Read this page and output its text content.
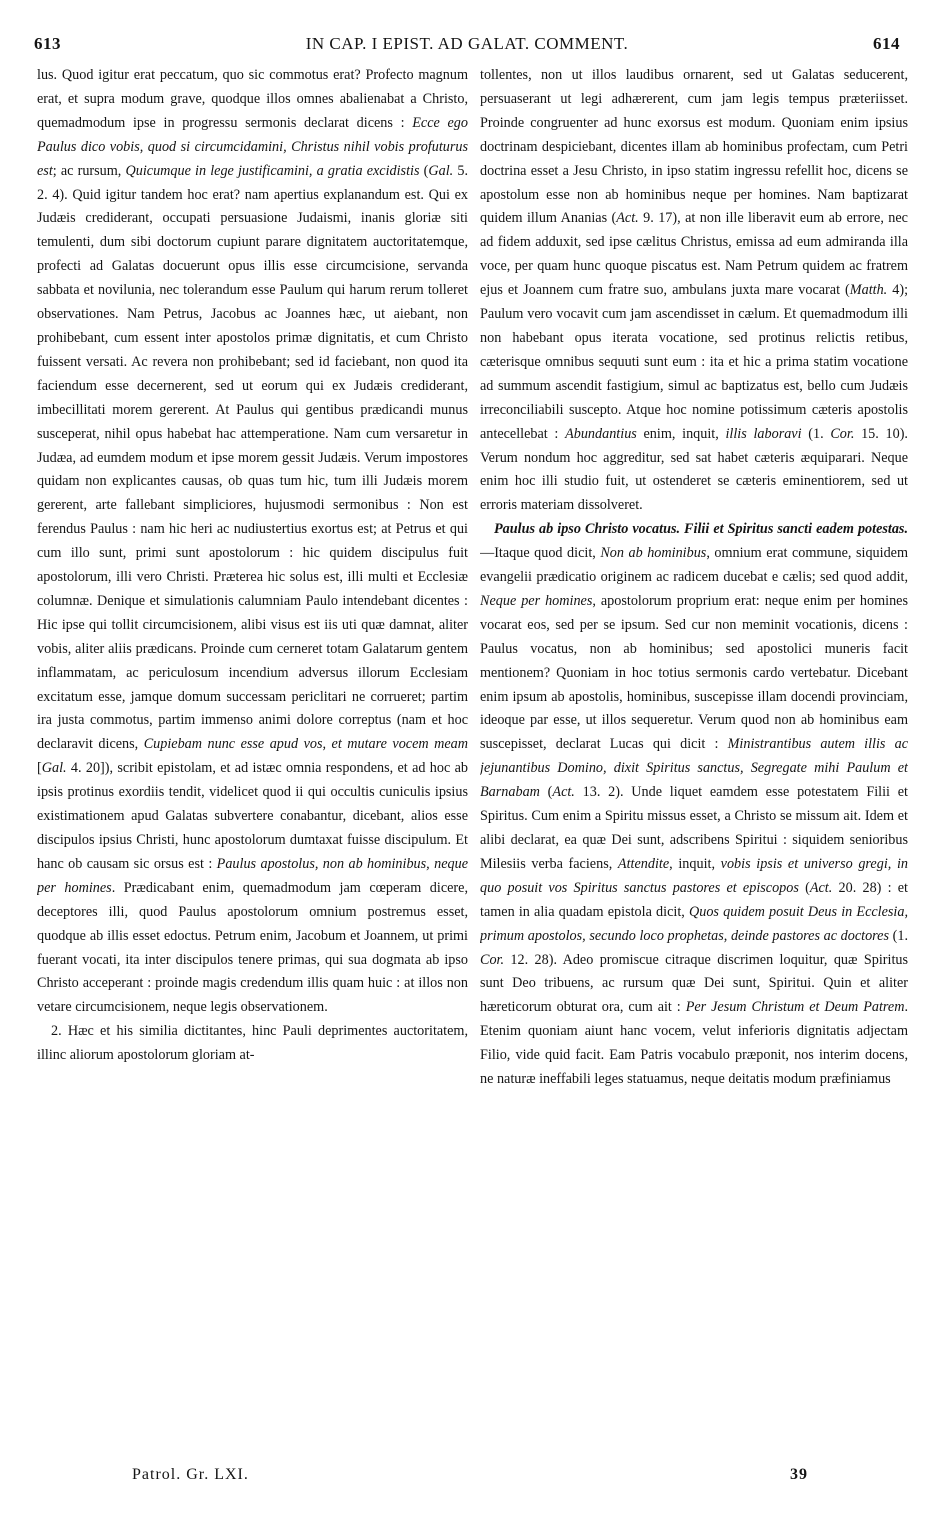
613	IN CAP. I EPIST. AD GALAT. COMMENT.	614

lus. Quod igitur erat peccatum, quo sic commotus erat? Profecto magnum erat, et supra modum grave, quodque illos omnes abalienabat a Christo, quemadmodum ipse in progressu sermonis declarat dicens : Ecce ego Paulus dico vobis, quod si circumcidamini, Christus nihil vobis profuturus est; ac rursum, Quicumque in lege justificamini, a gratia excidistis (Gal. 5. 2. 4). Quid igitur tandem hoc erat? nam apertius explanandum est. Qui ex Judæis crediderant, occupati persuasione Judaismi, inanis gloriæ siti temulenti, dum sibi doctorum cupiunt parare dignitatem auctoritatemque, profecti ad Galatas docuerunt opus illis esse circumcisione, servanda sabbata et novilunia, nec tolerandum esse Paulum qui harum rerum tolleret observationes. Nam Petrus, Jacobus ac Joannes hæc, ut aiebant, non prohibebant, cum essent inter apostolos primæ dignitatis, et cum Christo fuissent versati. Ac revera non prohibebant; sed id faciebant, non quod ita faciendum esse decernerent, sed ut eorum qui ex Judæis crediderant, imbecillitati morem gererent. At Paulus qui gentibus prædicandi munus susceperat, nihil opus habebat hac attemperatione. Nam cum versaretur in Judæa, ad eumdem modum et ipse morem gessit Judæis. Verum impostores quidam non explicantes causas, ob quas tum hic, tum illi Judæis morem gererent, arte fallebant simpliciores, hujusmodi sermonibus : Non est ferendus Paulus : nam hic heri ac nudiustertius exortus est; at Petrus et qui cum illo sunt, primi sunt apostolorum : hic quidem discipulus fuit apostolorum, illi vero Christi. Præterea hic solus est, illi multi et Ecclesiæ columnæ. Denique et simulationis calumniam Paulo intendebant dicentes : Hic ipse qui tollit circumcisionem, alibi visus est iis uti quæ damnat, aliter vobis, aliter aliis prædicans. Proinde cum cerneret totam Galatarum gentem inflammatam, ac periculosum incendium adversus illorum Ecclesiam excitatum esse, jamque domum successam periclitari ne corrueret; partim ira justa commotus, partim immenso animi dolore correptus (nam et hoc declaravit dicens, Cupiebam nunc esse apud vos, et mutare vocem meam [Gal. 4. 20]), scribit epistolam, et ad istæc omnia respondens, et ad hoc ab ipsis protinus exordiis tendit, videlicet quod ii qui occultis cuniculis ipsius existimationem apud Galatas subvertere conabantur, dicebant, alios esse discipulos ipsius Christi, hunc apostolorum dumtaxat fuisse discipulum. Et hanc ob causam sic orsus est : Paulus apostolus, non ab hominibus, neque per homines. Prædicabant enim, quemadmodum jam cœperam dicere, deceptores illi, quod Paulus apostolorum omnium postremus esset, quodque ab illis esset edoctus. Petrum enim, Jacobum et Joannem, ut primi fuerant vocati, ita inter discipulos tenere primas, qui sua dogmata ab ipso Christo acceperant : proinde magis credendum illis quam huic : at illos non vetare circumcisionem, neque legis observationem.

2. Hæc et his similia dictitantes, hinc Pauli deprimentes auctoritatem, illinc aliorum apostolorum gloriam at-

tollentes, non ut illos laudibus ornarent, sed ut Galatas seducerent, persuaserant ut legi adhærerent, cum jam legis tempus præteriisset. Proinde congruenter ad hunc exorsus est modum. Quoniam enim ipsius doctrinam despiciebant, dicentes illam ab hominibus profectam, cum Petri doctrina esset a Jesu Christo, in ipso statim ingressu refellit hoc, dicens se apostolum esse non ab hominibus neque per homines. Nam baptizarat quidem illum Ananias (Act. 9. 17), at non ille liberavit eum ab errore, nec ad fidem adduxit, sed ipse cælitus Christus, emissa ad eum admiranda illa voce, per quam hunc quoque piscatus est. Nam Petrum quidem ac fratrem ejus et Joannem cum fratre suo, ambulans juxta mare vocarat (Matth. 4); Paulum vero vocavit cum jam ascendisset in cælum. Et quemadmodum illi non habebant opus iterata vocatione, sed protinus relictis retibus, cæterisque omnibus sequuti sunt eum : ita et hic a prima statim vocatione ad summum ascendit fastigium, simul ac baptizatus est, bello cum Judæis irreconciliabili suscepto. Atque hoc nomine potissimum cæteris apostolis antecellebat : Abundantius enim, inquit, illis laboravi (1. Cor. 15. 10). Verum nondum hoc aggreditur, sed sat habet cæteris æquiparari. Neque enim hoc illi studio fuit, ut ostenderet se cæteris eminentiorem, sed ut erroris materiam dissolveret.

Paulus ab ipso Christo vocatus. Filii et Spiritus sancti eadem potestas.—Itaque quod dicit, Non ab hominibus, omnium erat commune, siquidem evangelii prædicatio originem ac radicem ducebat e cælis; sed quod addit, Neque per homines, apostolorum proprium erat: neque enim per homines vocarat eos, sed per se ipsum. Sed cur non meminit vocationis, dicens : Paulus vocatus, non ab hominibus; sed apostolici muneris facit mentionem? Quoniam in hoc totius sermonis cardo vertebatur. Dicebant enim ipsum ab apostolis, hominibus, suscepisse illam docendi provinciam, ideoque par esse, ut illos sequeretur. Verum quod non ab hominibus eam suscepisset, declarat Lucas qui dicit : Ministrantibus autem illis ac jejunantibus Domino, dixit Spiritus sanctus, Segregate mihi Paulum et Barnabam (Act. 13. 2). Unde liquet eamdem esse potestatem Filii et Spiritus. Cum enim a Spiritu missus esset, a Christo se missum ait. Idem et alibi declarat, ea quæ Dei sunt, adscribens Spiritui : siquidem senioribus Milesiis verba faciens, Attendite, inquit, vobis ipsis et universo gregi, in quo posuit vos Spiritus sanctus pastores et episcopos (Act. 20. 28) : et tamen in alia quadam epistola dicit, Quos quidem posuit Deus in Ecclesia, primum apostolos, secundo loco prophetas, deinde pastores ac doctores (1. Cor. 12. 28). Adeo promiscue citraque discrimen loquitur, quæ Spiritus sunt Deo tribuens, ac rursum quæ Dei sunt, Spiritui. Quin et aliter hæreticorum obturat ora, cum ait : Per Jesum Christum et Deum Patrem. Etenim quoniam aiunt hanc vocem, velut inferioris dignitatis adjectam Filio, vide quid facit. Eam Patris vocabulo præponit, nos interim docens, ne naturæ ineffabili leges statuamus, neque deitatis modum præfiniamus

Patrol. Gr. LXI.	39
